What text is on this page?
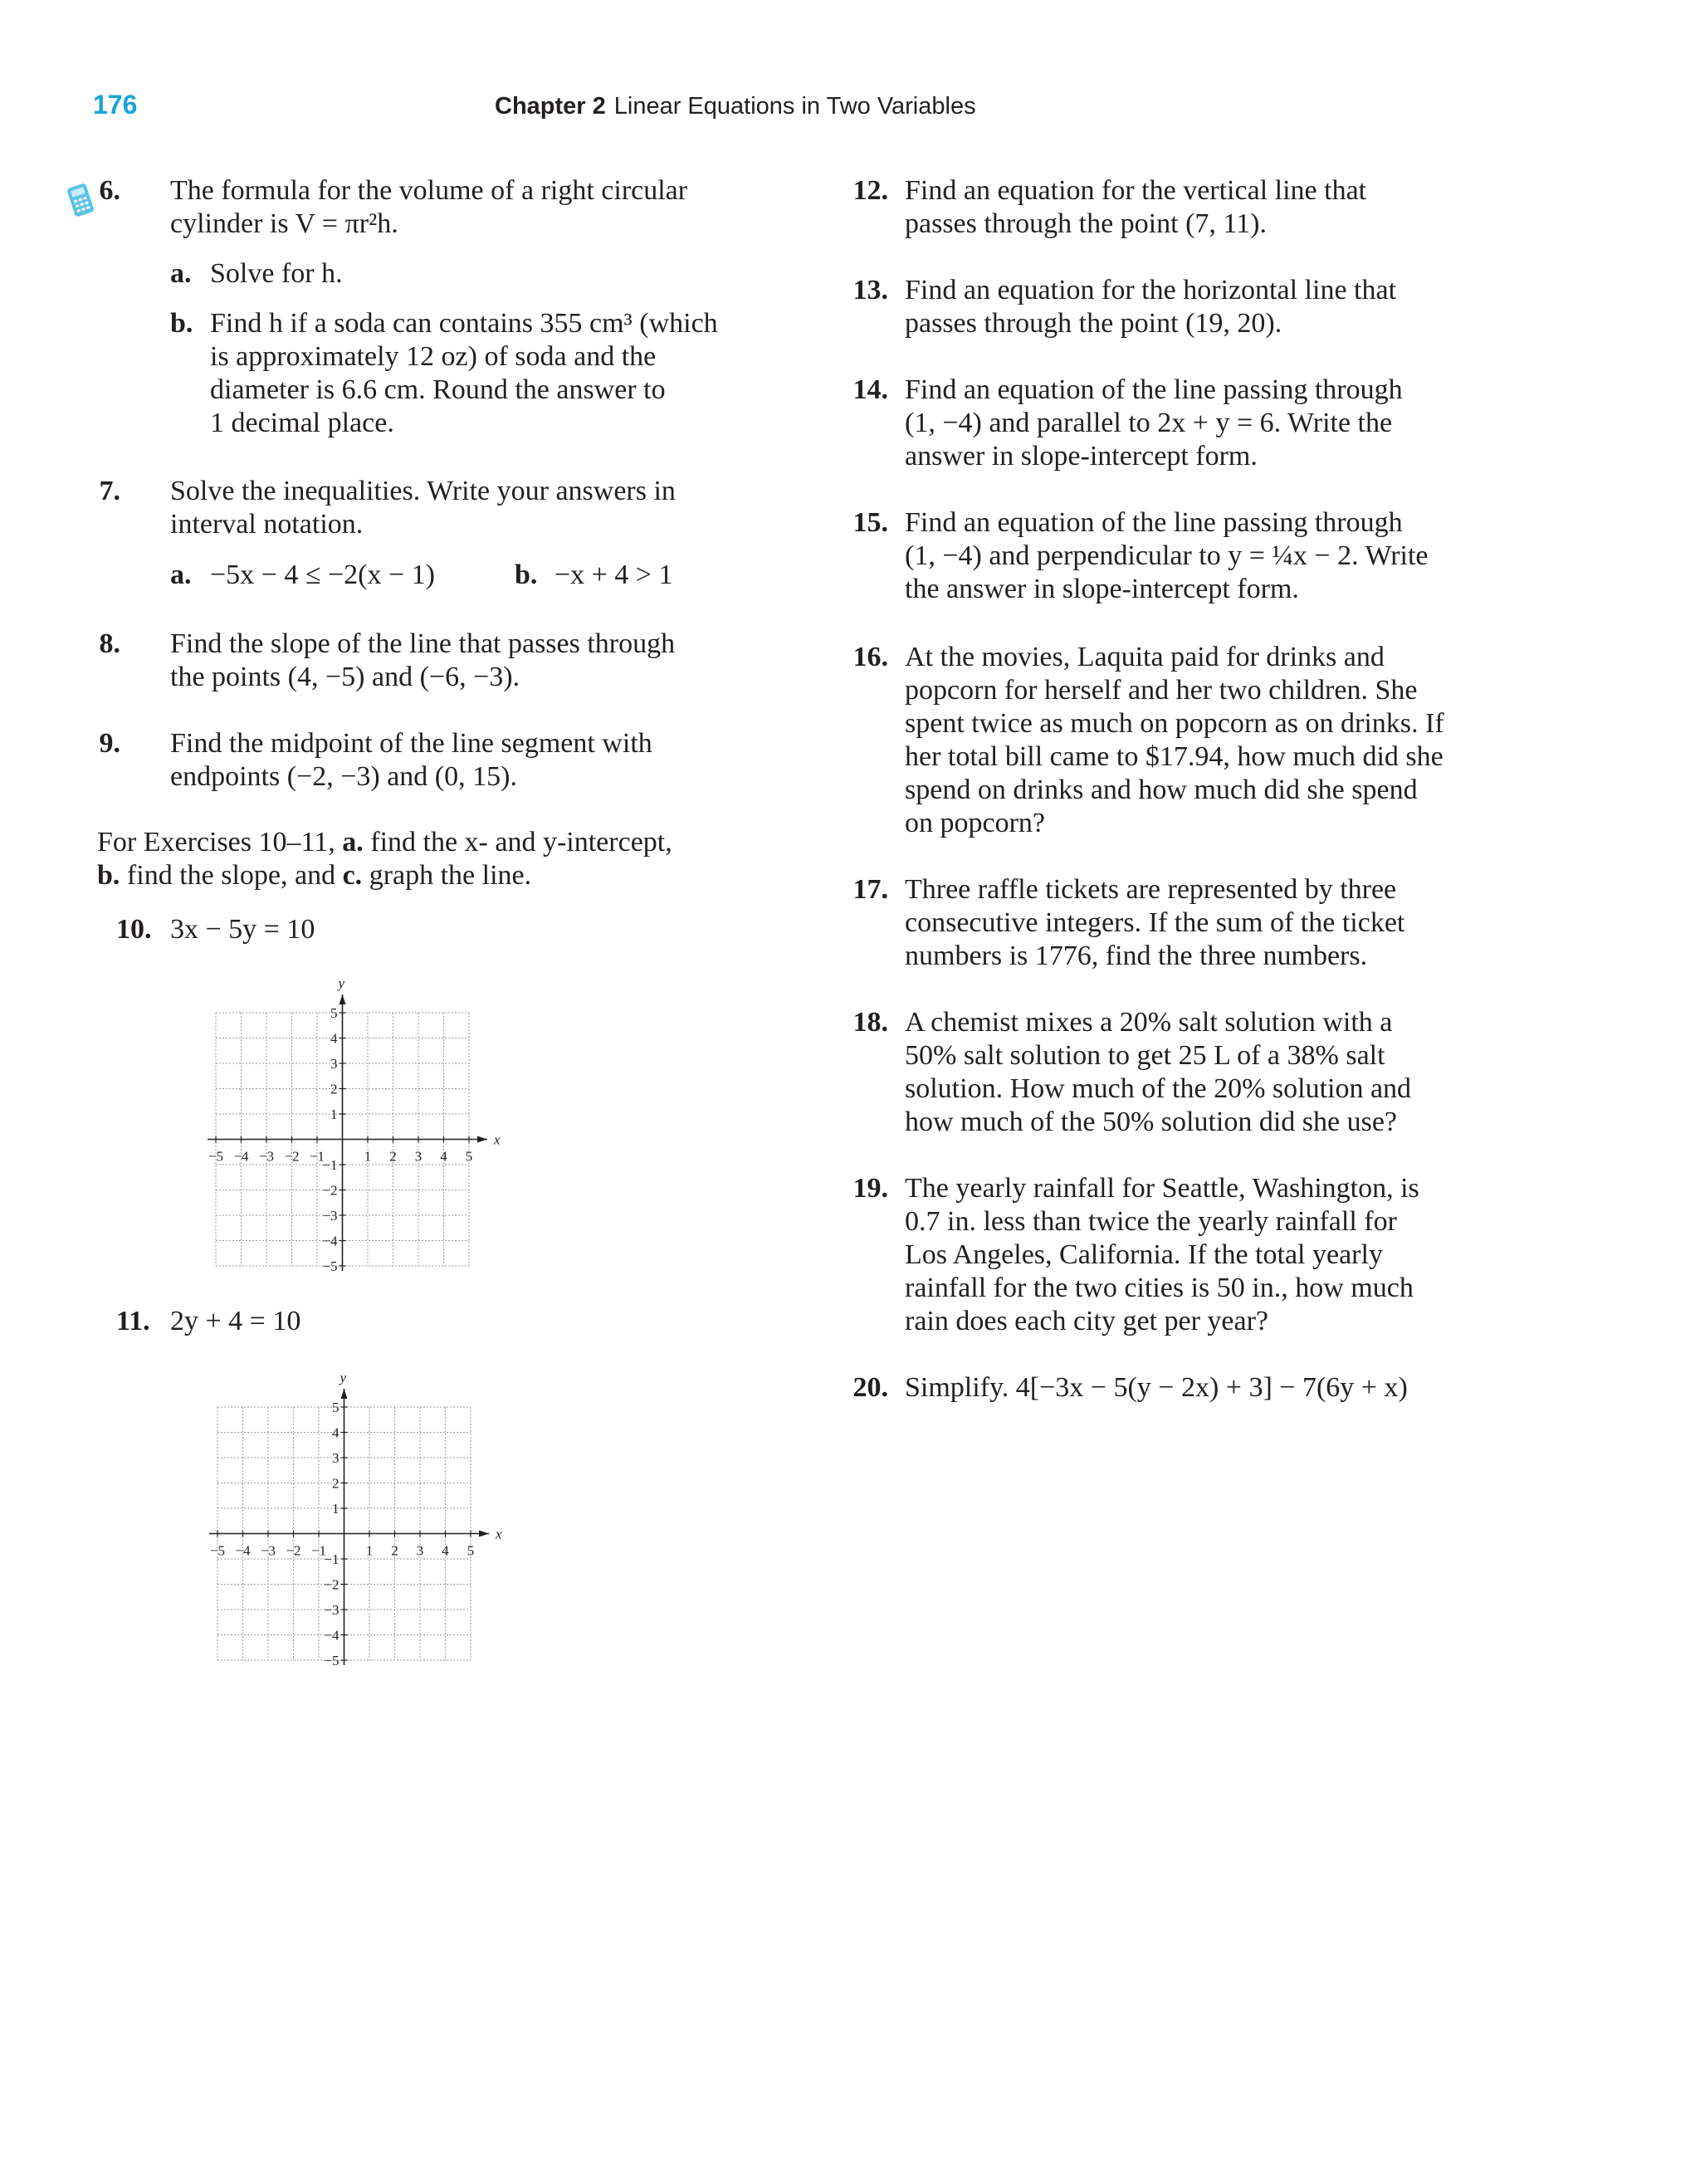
176	Chapter 2 Linear Equations in Two Variables
6. The formula for the volume of a right circular
cylinder is V = πr²h.
a. Solve for h.
b. Find h if a soda can contains 355 cm³ (which
is approximately 12 oz) of soda and the
diameter is 6.6 cm. Round the answer to
1 decimal place.
7. Solve the inequalities. Write your answers in
interval notation.
a. −5x − 4 ≤ −2(x − 1)	b. −x + 4 > 1
8. Find the slope of the line that passes through
the points (4, −5) and (−6, −3).
9. Find the midpoint of the line segment with
endpoints (−2, −3) and (0, 15).
For Exercises 10–11, a. find the x- and y-intercept,
b. find the slope, and c. graph the line.
10. 3x − 5y = 10
x
y
−5 −4 −3 −2 −1	1 2 3 4 5
5
4
3
2
1
−1
−2
−3
−4
−5
11. 2y + 4 = 10
x
y
−5 −4 −3 −2 −1	1 2 3 4 5
5
4
3
2
1
−1
−2
−3
−4
−5
12. Find an equation for the vertical line that
passes through the point (7, 11).
13. Find an equation for the horizontal line that
passes through the point (19, 20).
14. Find an equation of the line passing through
(1, −4) and parallel to 2x + y = 6. Write the
answer in slope-intercept form.
15. Find an equation of the line passing through
(1, −4) and perpendicular to y = ¼x − 2. Write
the answer in slope-intercept form.
16. At the movies, Laquita paid for drinks and
popcorn for herself and her two children. She
spent twice as much on popcorn as on drinks. If
her total bill came to $17.94, how much did she
spend on drinks and how much did she spend
on popcorn?
17. Three raffle tickets are represented by three
consecutive integers. If the sum of the ticket
numbers is 1776, find the three numbers.
18. A chemist mixes a 20% salt solution with a
50% salt solution to get 25 L of a 38% salt
solution. How much of the 20% solution and
how much of the 50% solution did she use?
19. The yearly rainfall for Seattle, Washington, is
0.7 in. less than twice the yearly rainfall for
Los Angeles, California. If the total yearly
rainfall for the two cities is 50 in., how much
rain does each city get per year?
20. Simplify. 4[−3x − 5(y − 2x) + 3] − 7(6y + x)
